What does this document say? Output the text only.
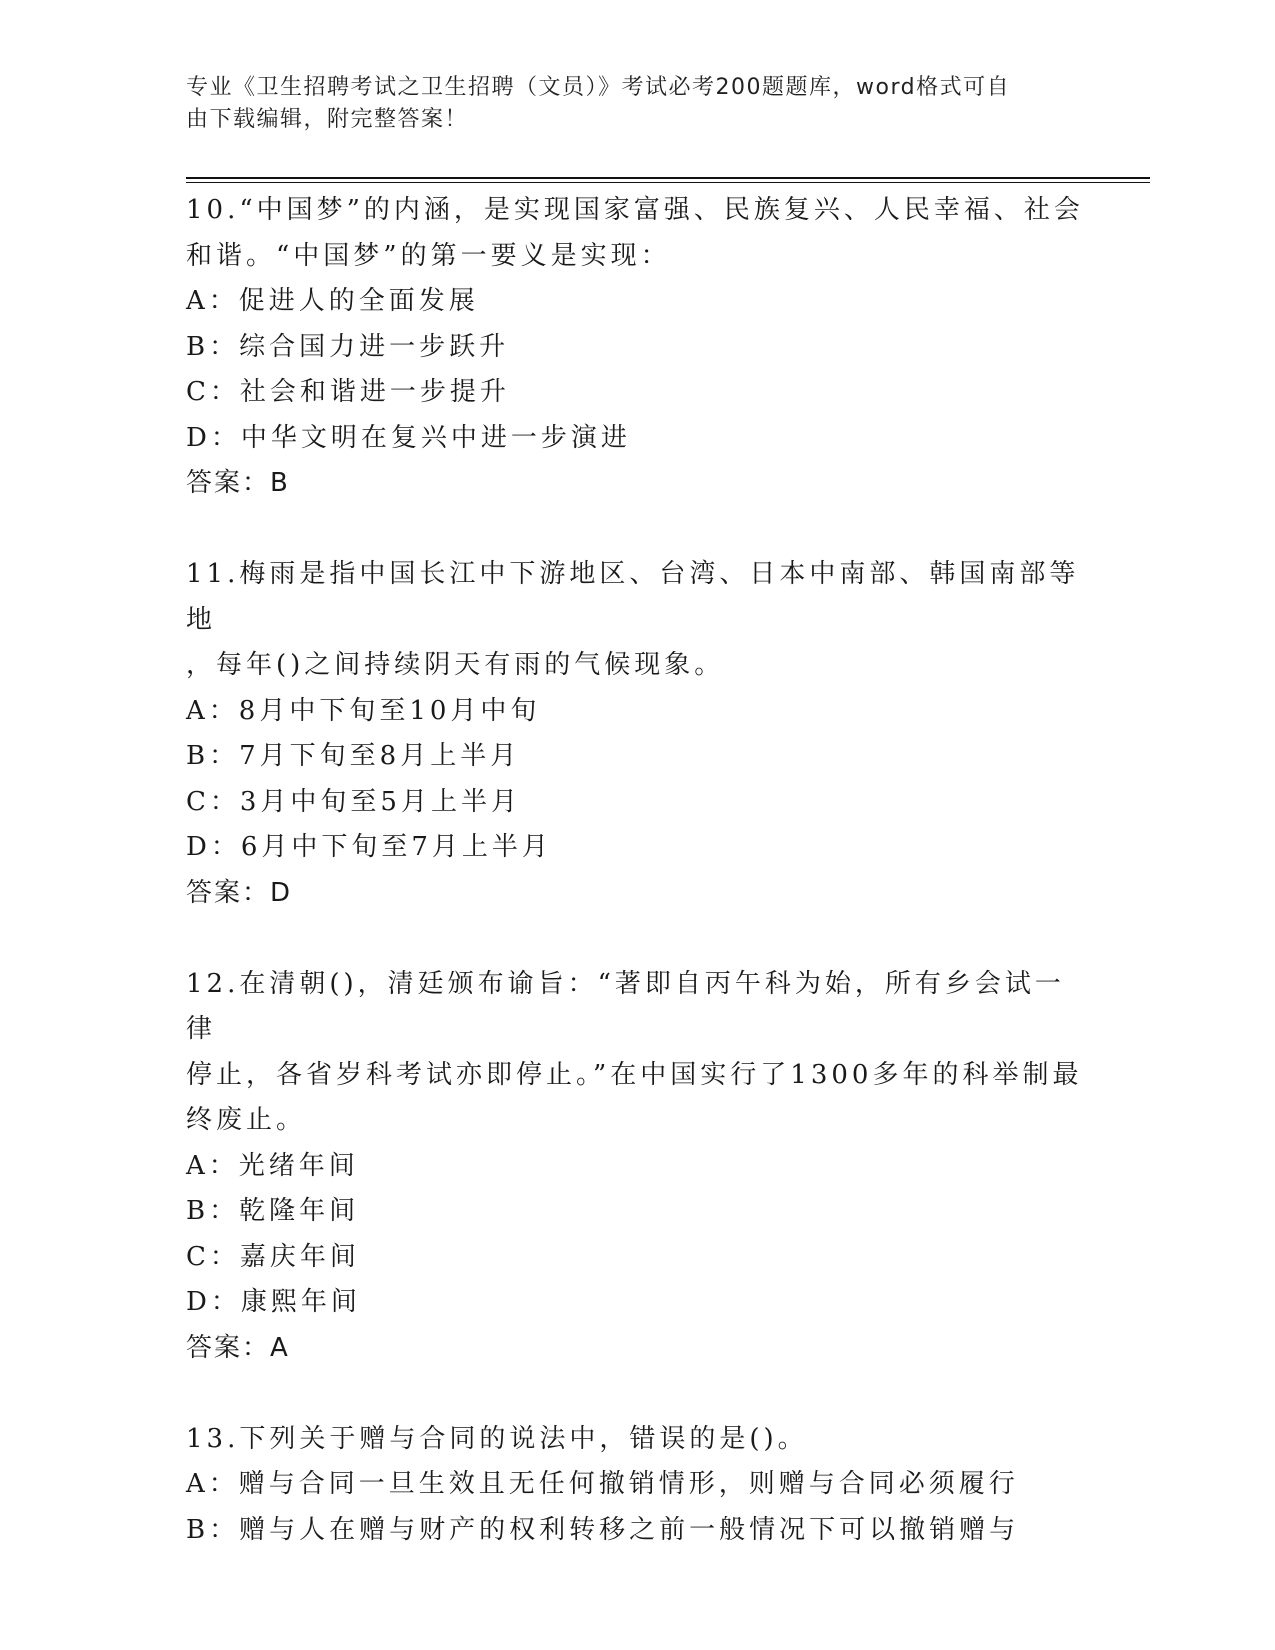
专业《卫生招聘考试之卫生招聘（文员）》考试必考200题题库，word格式可自
由下载编辑，附完整答案！

10.“中国梦”的内涵，是实现国家富强、民族复兴、人民幸福、社会

和谐。“中国梦”的第一要义是实现：

A：促进人的全面发展

B：综合国力进一步跃升

C：社会和谐进一步提升

D：中华文明在复兴中进一步演进

答案：B

11.梅雨是指中国长江中下游地区、台湾、日本中南部、韩国南部等地

，每年()之间持续阴天有雨的气候现象。

A：8月中下旬至10月中旬

B：7月下旬至8月上半月

C：3月中旬至5月上半月

D：6月中下旬至7月上半月

答案：D

12.在清朝()，清廷颁布谕旨：“著即自丙午科为始，所有乡会试一律

停止，各省岁科考试亦即停止。”在中国实行了1300多年的科举制最

终废止。

A：光绪年间

B：乾隆年间

C：嘉庆年间

D：康熙年间

答案：A

13.下列关于赠与合同的说法中，错误的是()。

A：赠与合同一旦生效且无任何撤销情形，则赠与合同必须履行

B：赠与人在赠与财产的权利转移之前一般情况下可以撤销赠与
